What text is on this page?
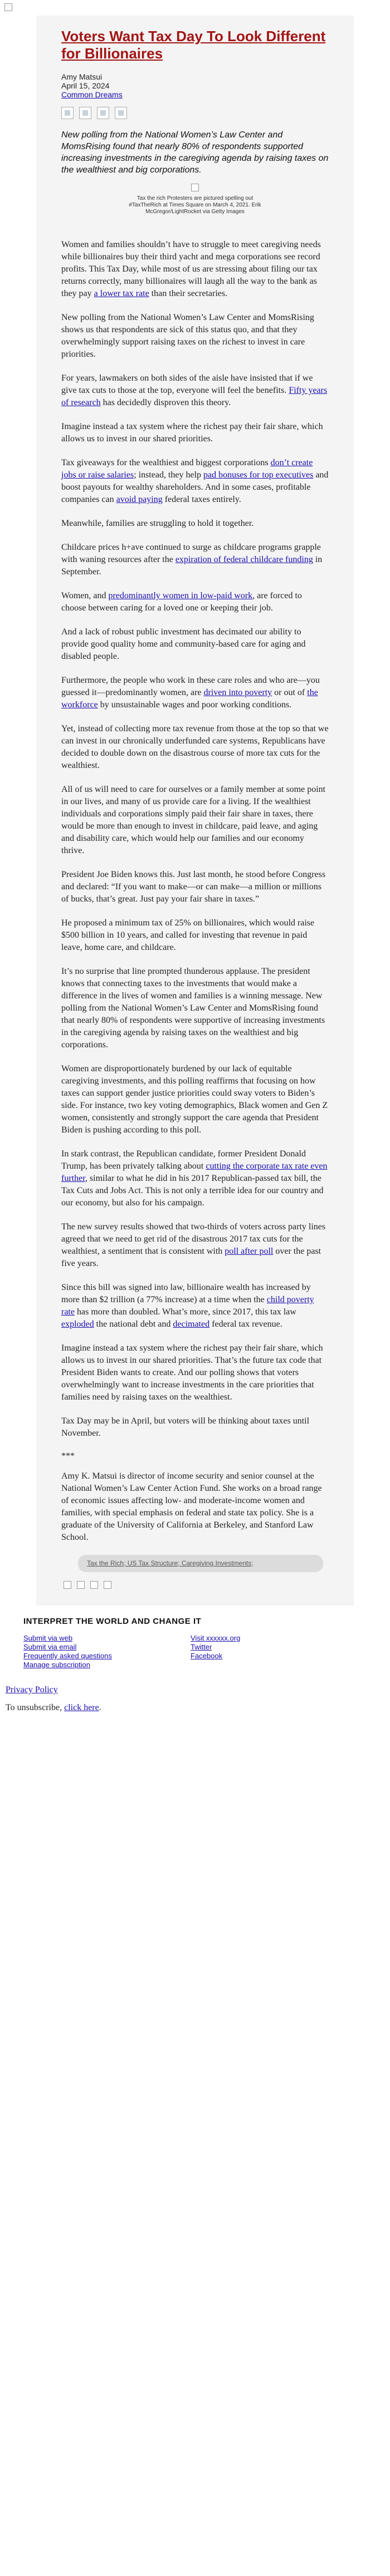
Voters Want Tax Day To Look Different for Billionaires
Amy Matsui
April 15, 2024
Common Dreams

New polling from the National Women’s Law Center and MomsRising found that nearly 80% of respondents supported increasing investments in the caregiving agenda by raising taxes on the wealthiest and big corporations.

Tax the rich Protesters are pictured spelling out #TaxTheRich at Times Square on March 4, 2021. Erik McGregor/LightRocket via Getty Images

Women and families shouldn’t have to struggle to meet caregiving needs while billionaires buy their third yacht and mega corporations see record profits. This Tax Day, while most of us are stressing about filing our tax returns correctly, many billionaires will laugh all the way to the bank as they pay a lower tax rate than their secretaries.

New polling from the National Women’s Law Center and MomsRising shows us that respondents are sick of this status quo, and that they overwhelmingly support raising taxes on the richest to invest in care priorities.

For years, lawmakers on both sides of the aisle have insisted that if we give tax cuts to those at the top, everyone will feel the benefits. Fifty years of research has decidedly disproven this theory.

Imagine instead a tax system where the richest pay their fair share, which allows us to invest in our shared priorities.

Tax giveaways for the wealthiest and biggest corporations don’t create jobs or raise salaries; instead, they help pad bonuses for top executives and boost payouts for wealthy shareholders. And in some cases, profitable companies can avoid paying federal taxes entirely.

Meanwhile, families are struggling to hold it together.

Childcare prices h+ave continued to surge as childcare programs grapple with waning resources after the expiration of federal childcare funding in September.

Women, and predominantly women in low-paid work, are forced to choose between caring for a loved one or keeping their job.

And a lack of robust public investment has decimated our ability to provide good quality home and community-based care for aging and disabled people.

Furthermore, the people who work in these care roles and who are—you guessed it—predominantly women, are driven into poverty or out of the workforce by unsustainable wages and poor working conditions.

Yet, instead of collecting more tax revenue from those at the top so that we can invest in our chronically underfunded care systems, Republicans have decided to double down on the disastrous course of more tax cuts for the wealthiest.

All of us will need to care for ourselves or a family member at some point in our lives, and many of us provide care for a living. If the wealthiest individuals and corporations simply paid their fair share in taxes, there would be more than enough to invest in childcare, paid leave, and aging and disability care, which would help our families and our economy thrive.

President Joe Biden knows this. Just last month, he stood before Congress and declared: “If you want to make—or can make—a million or millions of bucks, that’s great. Just pay your fair share in taxes.”

He proposed a minimum tax of 25% on billionaires, which would raise $500 billion in 10 years, and called for investing that revenue in paid leave, home care, and childcare.

It’s no surprise that line prompted thunderous applause. The president knows that connecting taxes to the investments that would make a difference in the lives of women and families is a winning message. New polling from the National Women’s Law Center and MomsRising found that nearly 80% of respondents were supportive of increasing investments in the caregiving agenda by raising taxes on the wealthiest and big corporations.

Women are disproportionately burdened by our lack of equitable caregiving investments, and this polling reaffirms that focusing on how taxes can support gender justice priorities could sway voters to Biden’s side. For instance, two key voting demographics, Black women and Gen Z women, consistently and strongly support the care agenda that President Biden is pushing according to this poll.

In stark contrast, the Republican candidate, former President Donald Trump, has been privately talking about cutting the corporate tax rate even further, similar to what he did in his 2017 Republican-passed tax bill, the Tax Cuts and Jobs Act. This is not only a terrible idea for our country and our economy, but also for his campaign.

The new survey results showed that two-thirds of voters across party lines agreed that we need to get rid of the disastrous 2017 tax cuts for the wealthiest, a sentiment that is consistent with poll after poll over the past five years.

Since this bill was signed into law, billionaire wealth has increased by more than $2 trillion (a 77% increase) at a time when the child poverty rate has more than doubled. What’s more, since 2017, this tax law exploded the national debt and decimated federal tax revenue.

Imagine instead a tax system where the richest pay their fair share, which allows us to invest in our shared priorities. That’s the future tax code that President Biden wants to create. And our polling shows that voters overwhelmingly want to increase investments in the care priorities that families need by raising taxes on the wealthiest.

Tax Day may be in April, but voters will be thinking about taxes until November.

***

Amy K. Matsui is director of income security and senior counsel at the National Women’s Law Center Action Fund. She works on a broad range of economic issues affecting low- and moderate-income women and families, with special emphasis on federal and state tax policy. She is a graduate of the University of California at Berkeley, and Stanford Law School.

Tax the Rich; US Tax Structure; Caregiving Investments;
INTERPRET THE WORLD AND CHANGE IT
Submit via web
Submit via email
Frequently asked questions
Manage subscription
Visit xxxxxx.org
Twitter
Facebook

Privacy Policy

To unsubscribe, click here.
